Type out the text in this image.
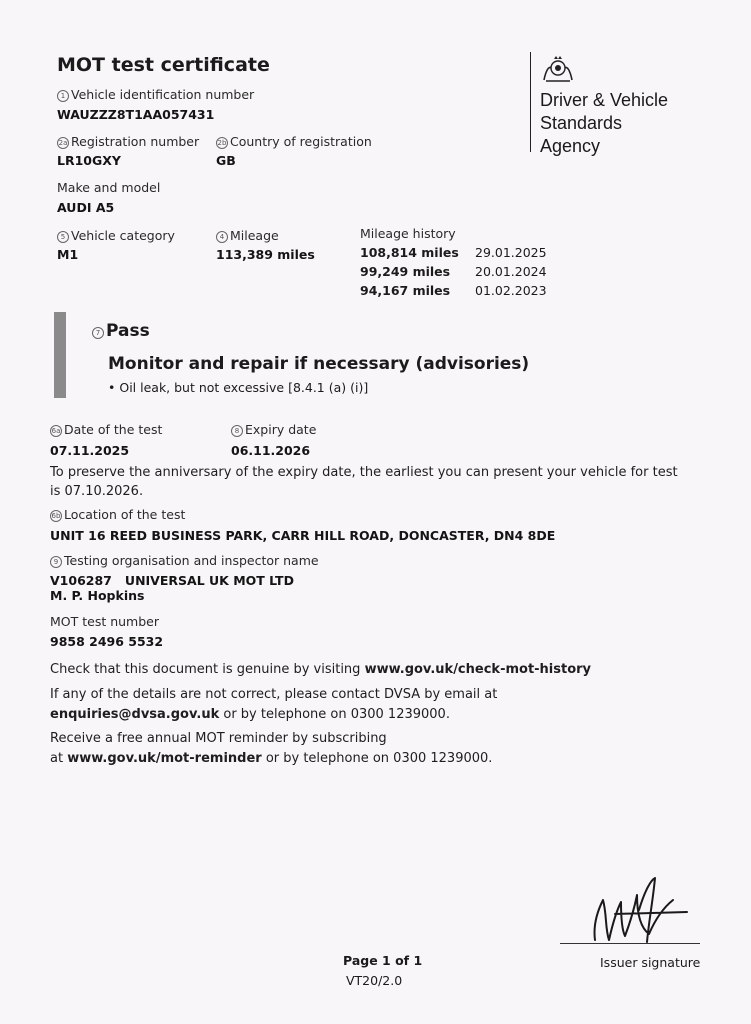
MOT test certificate
Driver & Vehicle
Standards
Agency
1 Vehicle identification number
WAUZZZ8T1AA057431
2a Registration number
LR10GXY
2b Country of registration
GB
Make and model
AUDI A5
5 Vehicle category
M1
4 Mileage
113,389 miles
Mileage history
108,814 miles 29.01.2025
99,249 miles 20.01.2024
94,167 miles 01.02.2023
7 Pass
Monitor and repair if necessary (advisories)
• Oil leak, but not excessive [8.4.1 (a) (i)]
6a Date of the test
07.11.2025
8 Expiry date
06.11.2026
To preserve the anniversary of the expiry date, the earliest you can present your vehicle for test is 07.10.2026.
6b Location of the test
UNIT 16 REED BUSINESS PARK, CARR HILL ROAD, DONCASTER, DN4 8DE
9 Testing organisation and inspector name
V106287   UNIVERSAL UK MOT LTD
M. P. Hopkins
MOT test number
9858 2496 5532
Check that this document is genuine by visiting www.gov.uk/check-mot-history
If any of the details are not correct, please contact DVSA by email at
enquiries@dvsa.gov.uk or by telephone on 0300 1239000.
Receive a free annual MOT reminder by subscribing
at www.gov.uk/mot-reminder or by telephone on 0300 1239000.
Issuer signature
Page 1 of 1
VT20/2.0
